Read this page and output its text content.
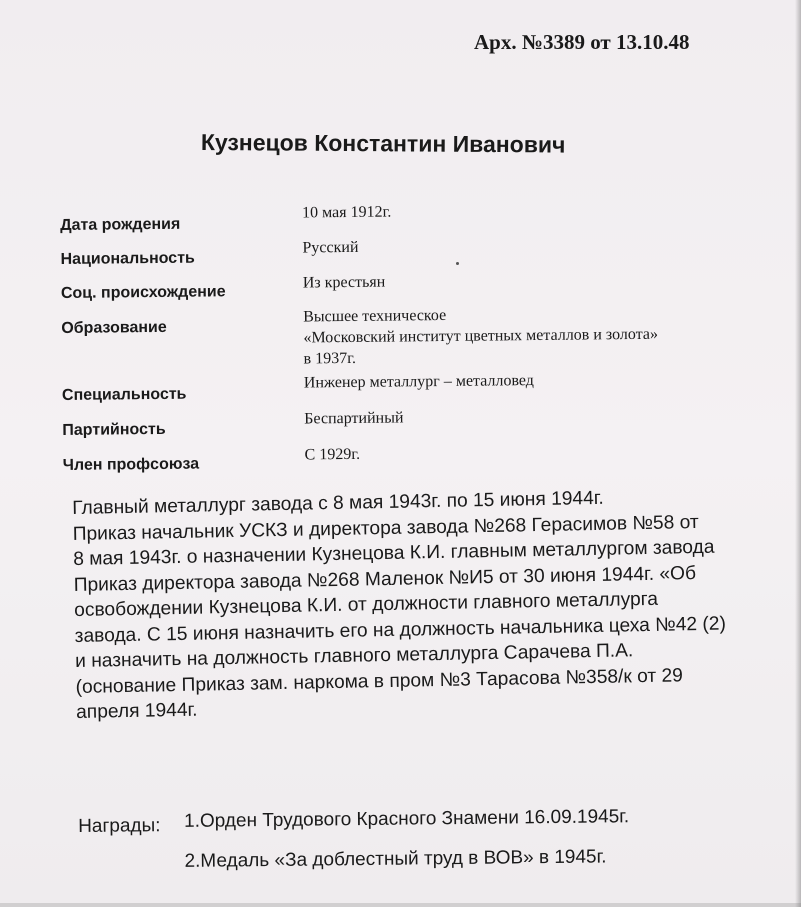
Арх. №3389 от 13.10.48
Кузнецов Константин Иванович
Дата рождения
10 мая 1912г.
Национальность
Русский
Соц. происхождение
Из крестьян
Образование
Высшее техническое
«Московский институт цветных металлов и золота»
в 1937г.
Специальность
Инженер металлург – металловед
Партийность
Беспартийный
Член профсоюза
С 1929г.
Главный металлург завода с 8 мая 1943г. по 15 июня 1944г.
Приказ начальник УСКЗ и директора завода №268 Герасимов №58 от
8 мая 1943г. о назначении Кузнецова К.И. главным металлургом завода
Приказ директора завода №268 Маленок №И5 от 30 июня 1944г. «Об
освобождении Кузнецова К.И. от должности главного металлурга
завода. С 15 июня назначить его на должность начальника цеха №42 (2)
и назначить на должность главного металлурга Сарачева П.А.
(основание Приказ зам. наркома в пром №3 Тарасова №358/к от 29
апреля 1944г.
Награды: 1.Орден Трудового Красного Знамени 16.09.1945г.
2.Медаль «За доблестный труд в ВОВ» в 1945г.
